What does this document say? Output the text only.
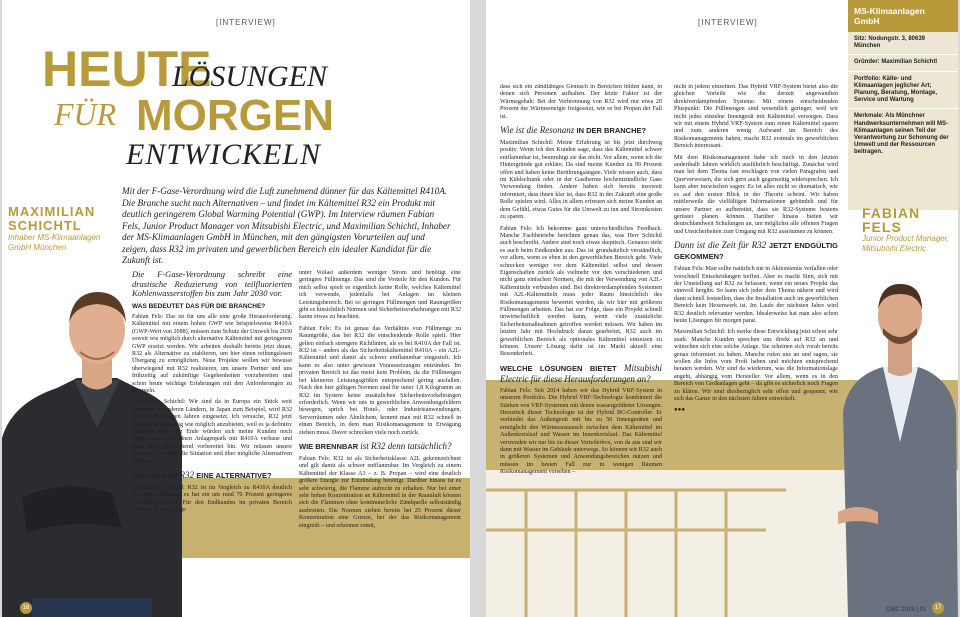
[INTERVIEW]
HEUTE
LÖSUNGEN
FÜR MORGEN
ENTWICKELN
Mit der F-Gase-Verordnung wird die Luft zunehmend dünner für das Kältemittel R410A. Die Branche sucht nach Alternativen – und findet im Kältemittel R32 ein Produkt mit deutlich geringerem Global Warming Potential (GWP). Im Interview räumen Fabian Fels, Junior Product Manager von Mitsubishi Electric, und Maximilian Schichtl, Inhaber der MS-Klimaanlagen GmbH in München, mit den gängigsten Vorurteilen auf und zeigen, dass R32 im privaten und gewerblichen Bereich ein idealer Kandidat für die Zukunft ist.
MAXIMILIAN
SCHICHTL
Inhaber MS-Klimaanlagen GmbH München

Die F-Gase-Verordnung schreibt eine drastische Reduzierung von teilfluorierten Kohlenwasserstoffen bis zum Jahr 2030 vor.

WAS BEDEUTET DAS FÜR DIE BRANCHE?

Fabian Fels: Das ist für uns alle eine große Herausforderung. Kältemittel mit einem hohen GWP wie beispielsweise R410A (GWP-Wert von 2088), müssen zum Schutz der Umwelt bis 2030 soweit wie möglich durch alternative Kältemittel mit geringerem GWP ersetzt werden. Wir arbeiten deshalb bereits jetzt daran, R32 als Alternative zu etablieren, um hier einen reibungslosen Übergang zu ermöglichen. Neue Projekte wollen wir bewusst überwiegend mit R32 realisieren, um unsere Partner und uns frühzeitig auf zukünftige Gegebenheiten vorzubereiten und schon heute wichtige Erfahrungen mit den Anforderungen zu sammeln.

Maximilian Schichtl: Wir sind da in Europa ein Stück weit hinterher. In anderen Ländern, in Japan zum Beispiel, wird R32 bereits seit einigen Jahren eingesetzt. Ich versuche, R32 jetzt schon so großflächig wie möglich anzubieten, weil es ja definitiv kommen wird. Am Ende würden sich meine Kunden noch ärgern, wenn ich einen Anlagenpark mit R410A verbaue und dann nicht ausreichend vorbereitet bin. Wir müssen unsere Kunden offen über die Situation und über mögliche Alternativen aufklären.

Inwiefern ist R32 EINE ALTERNATIVE?

Maximilian Schichtl: R32 ist im Vergleich zu R410A deutlich umweltfreundlicher, es hat ein um rund 70 Prozent geringeres Treibhauspotential. Für den Endkunden im privaten Bereich verbraucht die Anlage

unter Vollast außerdem weniger Strom und benötigt eine geringere Füllmenge. Das sind die Vorteile für den Kunden. Für mich selbst spielt es eigentlich keine Rolle, welches Kältemittel ich verwende, jedenfalls bei Anlagen im kleinen Leistungsbereich. Bei so geringen Füllmengen und Raumgrößen gibt es hinsichtlich Normen und Sicherheitsvorkehrungen mit R32 kaum etwas zu beachten.

Fabian Fels: Es ist genau das Verhältnis von Füllmenge zu Raumgröße, das bei R32 die entscheidende Rolle spielt. Hier gelten einfach strengere Richtlinien, als es bei R410A der Fall ist. R32 ist – anders als das Sicherheitskältemittel R410A – ein A2L-Kältemittel und damit als schwer entflammbar eingestuft. Ich kann es also unter gewissen Voraussetzungen entzünden. Im privaten Bereich ist das meist kein Problem, da die Füllmengen bei kleineren Leistungsgrößen entsprechend gering ausfallen. Nach den hier gültigen Normen sind für unter 1,8 Kilogramm an R32 im System keine zusätzlichen Sicherheitsvorkehrungen erforderlich. Wenn wir uns in gewerblichen Anwendungsfeldern bewegen, sprich bei Hotel-, oder Industrieanwendungen, Serverräumen oder Ähnlichem, kommt man mit R32 schnell in einen Bereich, in dem man Risikomanagement in Erwägung ziehen muss. Davor schrecken viele noch zurück.

WIE BRENNBAR ist R32 denn tatsächlich?

Fabian Fels: R32 ist als Sicherheitsklasse A2L gekennzeichnet und gilt damit als schwer entflammbar. Im Vergleich zu einem Kältemittel der Klasse A3 – z. B. Propan – wird eine deutlich größere Energie zur Entzündung benötigt. Darüber hinaus ist es sehr schwierig, die Flamme aufrecht zu erhalten. Nur bei einer sehr hohen Konzentration an Kältemittel in der Raumluft können sich die Flammen ohne kontinuierliche Zündquelle selbstständig ausbreiten. Die Normen ziehen bereits bei 25 Prozent dieser Konzentration eine Grenze, bei der das Risikomanagement eingreift – und erkennen somit,

16	CMC 2019 | 01
[INTERVIEW]

dass sich ein zündfähiges Gemisch in Bereichen bilden kann, in denen sich Personen aufhalten. Der letzte Faktor ist der Wärmegehalt: Bei der Verbrennung von R32 wird nur etwa 20 Prozent der Wärmeenergie freigesetzt, wie es bei Propan der Fall ist.

Wie ist die Resonanz IN DER BRANCHE?

Maximilian Schichtl: Meine Erfahrung ist bis jetzt durchweg positiv. Wenn ich den Kunden sage, dass das Kältemittel schwer entflammbar ist, beunruhigt sie das nicht. Vor allem, wenn ich die Hintergründe gut erkläre. Da sind meine Kunden zu 99 Prozent offen und haben keine Berührungsängste. Viele wissen auch, dass im Kühlschrank oder in der Gastherme hochentzündliche Gase Verwendung finden. Andere haben sich bereits insoweit informiert, dass ihnen klar ist, dass R32 in der Zukunft eine große Rolle spielen wird. Alles in allem erfreuen sich meine Kunden an dem Gefühl, etwas Gutes für die Umwelt zu tun und Stromkosten zu sparen.

Fabian Fels: Ich bekomme ganz unterschiedliches Feedback. Manche Fachbetriebe berichten genau das, was Herr Schichtl auch beschreibt. Andere sind noch etwas skeptisch. Genauso steht es auch beim Endkunden aus. Das ist grundsätzlich verständlich, vor allem, wenn es eben in den gewerblichen Bereich geht. Viele schrecken weniger vor dem Kältemittel selbst und dessen Eigenschaften zurück als vielmehr vor den verschiedenen und nicht ganz einfachen Normen, die mit der Verwendung von A2L-Kältemitteln verbunden sind. Bei direktverdampfenden Systemen mit A2L-Kältemitteln muss jeder Raum hinsichtlich des Risikomanagements bewertet werden, da wir hier mit größeren Füllmengen arbeiten. Das hat zur Folge, dass ein Projekt schnell unwirtschaftlich werden kann, wenn viele zusätzliche Sicherheitsmaßnahmen getroffen werden müssen. Wir haben im letzten Jahr mit Hochdruck daran gearbeitet, R32 auch im gewerblichen Bereich als optionales Kältemittel einsetzen zu können. Unsere Lösung dafür ist im Markt aktuell eine Besonderheit.

WELCHE LÖSUNGEN BIETET Mitsubishi Electric für diese Herausforderungen an?

Fabian Fels: Seit 2014 haben wir das Hybrid VRF-System in unserem Portfolio. Die Hybrid VRF-Technologie kombiniert die Stärken von VRF-Systemen mit denen wassergeführter Lösungen. Herzstück dieser Technologie ist der Hybrid BC-Controller. Er verbindet das Außengerät mit bis zu 50 Innengeräten und ermöglicht den Wärmeaustausch zwischen dem Kältemittel im Außenkreislauf und Wasser im Innenkreislauf. Das Kältemittel verwenden wir nur bis zu dieser Verteilerbox, von da aus sind wir dann mit Wasser im Gebäude unterwegs. So können wir R32 auch in größeren Systemen und Anwendungsbereichen nutzen und müssen im besten Fall nur in wenigen Räumen Risikomanagement vorsehen –

nicht in jedem einzelnen. Das Hybrid VRF-System bietet also die gleichen Vorteile wie die derzeit angewandten direktverdampfenden Systeme. Mit einem entscheidenden Pluspunkt: Die Füllmengen sind wesentlich geringer, weil wir nicht jedes einzelne Innengerät mit Kältemittel versorgen. Dass wir mit einem Hybrid VRF-System zum einen Kältemittel sparen und zum anderen wenig Aufwand im Bereich des Risikomanagements haben, macht R32 erstmals im gewerblichen Bereich interessant.

Mit dem Risikomanagement habe ich mich in den letzten anderthalb Jahren wirklich ausführlich beschäftigt. Zunächst wird man bei dem Thema fast erschlagen von vielen Paragrafen und Querverweisen, die sich gern auch gegenseitig widersprechen. Ich kann aber inzwischen sagen: Es ist alles nicht so dramatisch, wie es auf den ersten Blick in der Theorie scheint. Wir haben mittlerweile die vielfältigen Informationen gebündelt und für unsere Partner so aufbereitet, dass sie R32-Systeme bestens gerüstet planen können. Darüber hinaus bieten wir deutschlandweit Schulungen an, um möglichst alle offenen Fragen und Unsicherheiten zum Umgang mit R32 ausräumen zu können.

Dann ist die Zeit für R32 JETZT ENDGÜLTIG GEKOMMEN?

Fabian Fels: Man sollte natürlich nie in Aktionismus verfallen oder vorschnell Entscheidungen treffen. Aber es macht Sinn, sich mit der Umstellung auf R32 zu befassen, wenn ein neues Projekt das sinnvoll hergibt. So kann sich jeder dem Thema nähern und wird dann schnell feststellen, dass die Installation auch im gewerblichen Bereich kein Hexenwerk ist. Im Laufe der nächsten Jahre wird R32 deutlich relevanter werden. Idealerweise hat man also schon heute Lösungen für morgen parat.

Maximilian Schichtl: Ich merke diese Entwicklung jetzt schon sehr stark. Manche Kunden sprechen uns direkt auf R32 an und wünschen sich eine solche Anlage. Sie scheinen sich vorab bereits genau informiert zu haben. Manche rufen uns an und sagen, sie wollen die Infos vom Profi haben und möchten entsprechend beraten werden. Wir sind da wiederum, was die Informationslage angeht, abhängig vom Hersteller. Vor allem, wenn es in den Bereich von Großanlagen geht – da gibt es sicherlich noch Fragen zu klären. Wir sind diesbezüglich sehr offen und gespannt, wie sich das Ganze in den nächsten Jahren entwickelt.

●●●

MS-Klimaanlagen GmbH
Sitz: Nodungstr. 3, 80639 München
Gründer: Maximilian Schichtl
Portfolio: Kälte- und Klimaanlagen jeglicher Art; Planung, Beratung, Montage, Service und Wartung
Merkmale: Als Münchner Handwerksunternehmen will MS-Klimaanlagen seinen Teil der Verantwortung zur Schonung der Umwelt und der Ressourcen beitragen.
FABIAN
FELS
Junior Product Manager, Mitsubishi Electric
17
CMC 2019 | 01
